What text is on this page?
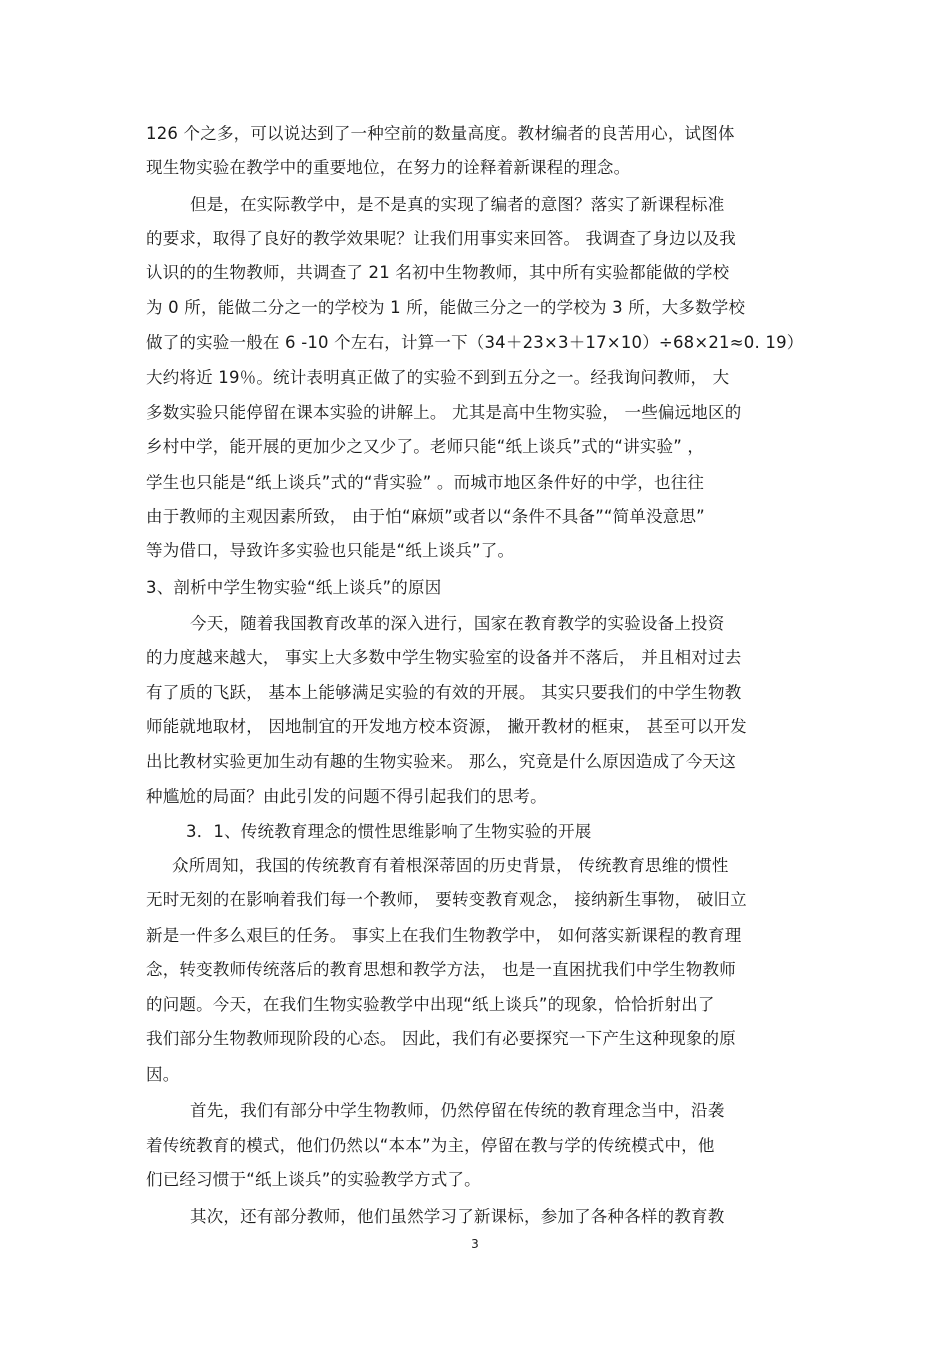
126 个之多，可以说达到了一种空前的数量高度。教材编者的良苦用心，试图体
现生物实验在教学中的重要地位，在努力的诠释着新课程的理念。
但是，在实际教学中，是不是真的实现了编者的意图？落实了新课程标准
的要求，取得了良好的教学效果呢？让我们用事实来回答。 我调查了身边以及我
认识的的生物教师，共调查了 21 名初中生物教师，其中所有实验都能做的学校
为 0 所，能做二分之一的学校为 1 所，能做三分之一的学校为 3 所，大多数学校
做了的实验一般在 6 -10 个左右，计算一下（34＋23×3＋17×10）÷68×21≈0. 19）
大约将近 19％。统计表明真正做了的实验不到到五分之一。经我询问教师， 大
多数实验只能停留在课本实验的讲解上。 尤其是高中生物实验， 一些偏远地区的
乡村中学，能开展的更加少之又少了。老师只能“纸上谈兵”式的“讲实验” ，
学生也只能是“纸上谈兵”式的“背实验” 。而城市地区条件好的中学，也往往
由于教师的主观因素所致， 由于怕“麻烦”或者以“条件不具备”“简单没意思”
等为借口，导致许多实验也只能是“纸上谈兵”了。
3、剖析中学生物实验“纸上谈兵”的原因
今天，随着我国教育改革的深入进行，国家在教育教学的实验设备上投资
的力度越来越大， 事实上大多数中学生物实验室的设备并不落后， 并且相对过去
有了质的飞跃， 基本上能够满足实验的有效的开展。 其实只要我们的中学生物教
师能就地取材， 因地制宜的开发地方校本资源， 撇开教材的框束， 甚至可以开发
出比教材实验更加生动有趣的生物实验来。 那么，究竟是什么原因造成了今天这
种尴尬的局面？由此引发的问题不得引起我们的思考。
3．1、传统教育理念的惯性思维影响了生物实验的开展
众所周知，我国的传统教育有着根深蒂固的历史背景， 传统教育思维的惯性
无时无刻的在影响着我们每一个教师， 要转变教育观念， 接纳新生事物， 破旧立
新是一件多么艰巨的任务。 事实上在我们生物教学中， 如何落实新课程的教育理
念，转变教师传统落后的教育思想和教学方法， 也是一直困扰我们中学生物教师
的问题。今天，在我们生物实验教学中出现“纸上谈兵”的现象，恰恰折射出了
我们部分生物教师现阶段的心态。 因此，我们有必要探究一下产生这种现象的原
因。
首先，我们有部分中学生物教师，仍然停留在传统的教育理念当中，沿袭
着传统教育的模式，他们仍然以“本本”为主，停留在教与学的传统模式中，他
们已经习惯于“纸上谈兵”的实验教学方式了。
其次，还有部分教师，他们虽然学习了新课标，参加了各种各样的教育教
3
